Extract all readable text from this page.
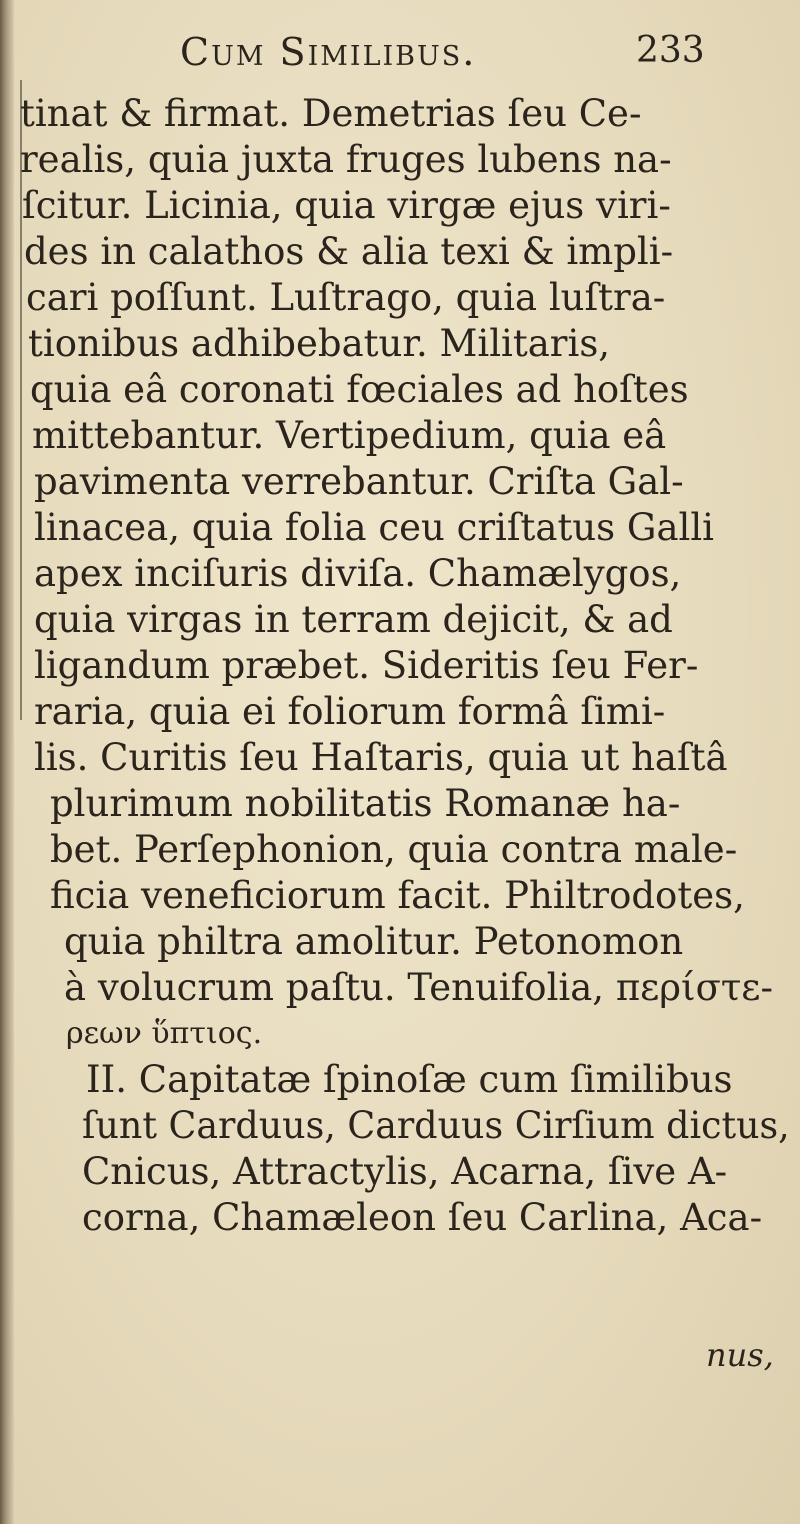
Cum Similibus.	233
tinat & firmat. Demetrias ſeu Ce-
realis, quia juxta fruges lubens na-
ſcitur. Licinia, quia virgæ ejus viri-
des in calathos & alia texi & impli-
cari poſſunt. Luſtrago, quia luſtra-
tionibus adhibebatur. Militaris,
quia eâ coronati fœciales ad hoſtes
mittebantur. Vertipedium, quia eâ
pavimenta verrebantur. Criſta Gal-
linacea, quia folia ceu criſtatus Galli
apex inciſuris diviſa. Chamælygos,
quia virgas in terram dejicit, & ad
ligandum præbet. Sideritis ſeu Fer-
raria, quia ei foliorum formâ ſimi-
lis. Curitis ſeu Haſtaris, quia ut haſtâ
plurimum nobilitatis Romanæ ha-
bet. Perſephonion, quia contra male-
ficia veneficiorum facit. Philtrodotes,
quia philtra amolitur. Petonomon
à volucrum paſtu. Tenuifolia, περίστε-
ρεων ὕπτιος.
II. Capitatæ ſpinoſæ cum ſimilibus
ſunt Carduus, Carduus Cirſium dictus,
Cnicus, Attractylis, Acarna, ſive A-
corna, Chamæleon ſeu Carlina, Aca-
nus,
